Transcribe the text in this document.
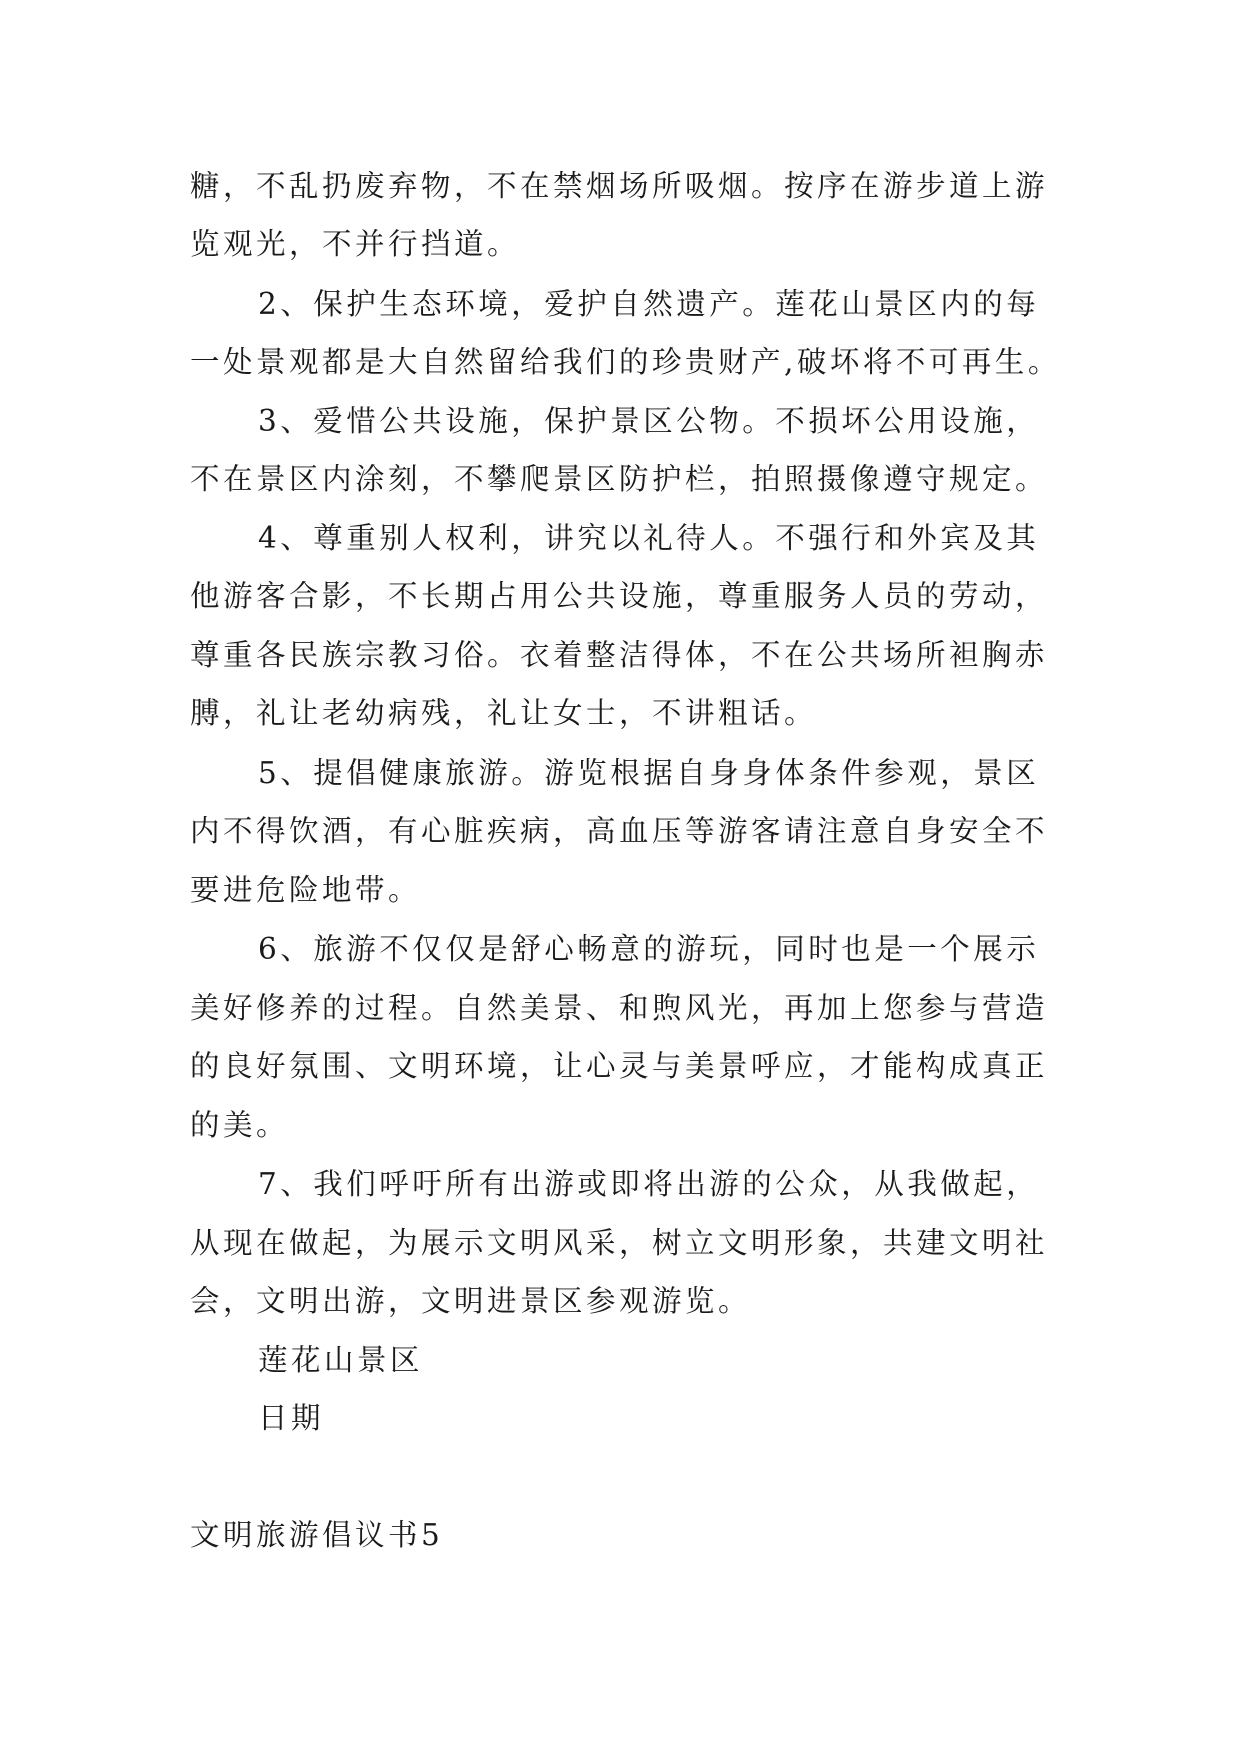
糖，不乱扔废弃物，不在禁烟场所吸烟。按序在游步道上游
览观光，不并行挡道。
2、保护生态环境，爱护自然遗产。莲花山景区内的每
一处景观都是大自然留给我们的珍贵财产,破坏将不可再生。
3、爱惜公共设施，保护景区公物。不损坏公用设施，
不在景区内涂刻，不攀爬景区防护栏，拍照摄像遵守规定。
4、尊重别人权利，讲究以礼待人。不强行和外宾及其
他游客合影，不长期占用公共设施，尊重服务人员的劳动，
尊重各民族宗教习俗。衣着整洁得体，不在公共场所袒胸赤
膊，礼让老幼病残，礼让女士，不讲粗话。
5、提倡健康旅游。游览根据自身身体条件参观，景区
内不得饮酒，有心脏疾病，高血压等游客请注意自身安全不
要进危险地带。
6、旅游不仅仅是舒心畅意的游玩，同时也是一个展示
美好修养的过程。自然美景、和煦风光，再加上您参与营造
的良好氛围、文明环境，让心灵与美景呼应，才能构成真正
的美。
7、我们呼吁所有出游或即将出游的公众，从我做起，
从现在做起，为展示文明风采，树立文明形象，共建文明社
会，文明出游，文明进景区参观游览。
莲花山景区
日期
文明旅游倡议书5
